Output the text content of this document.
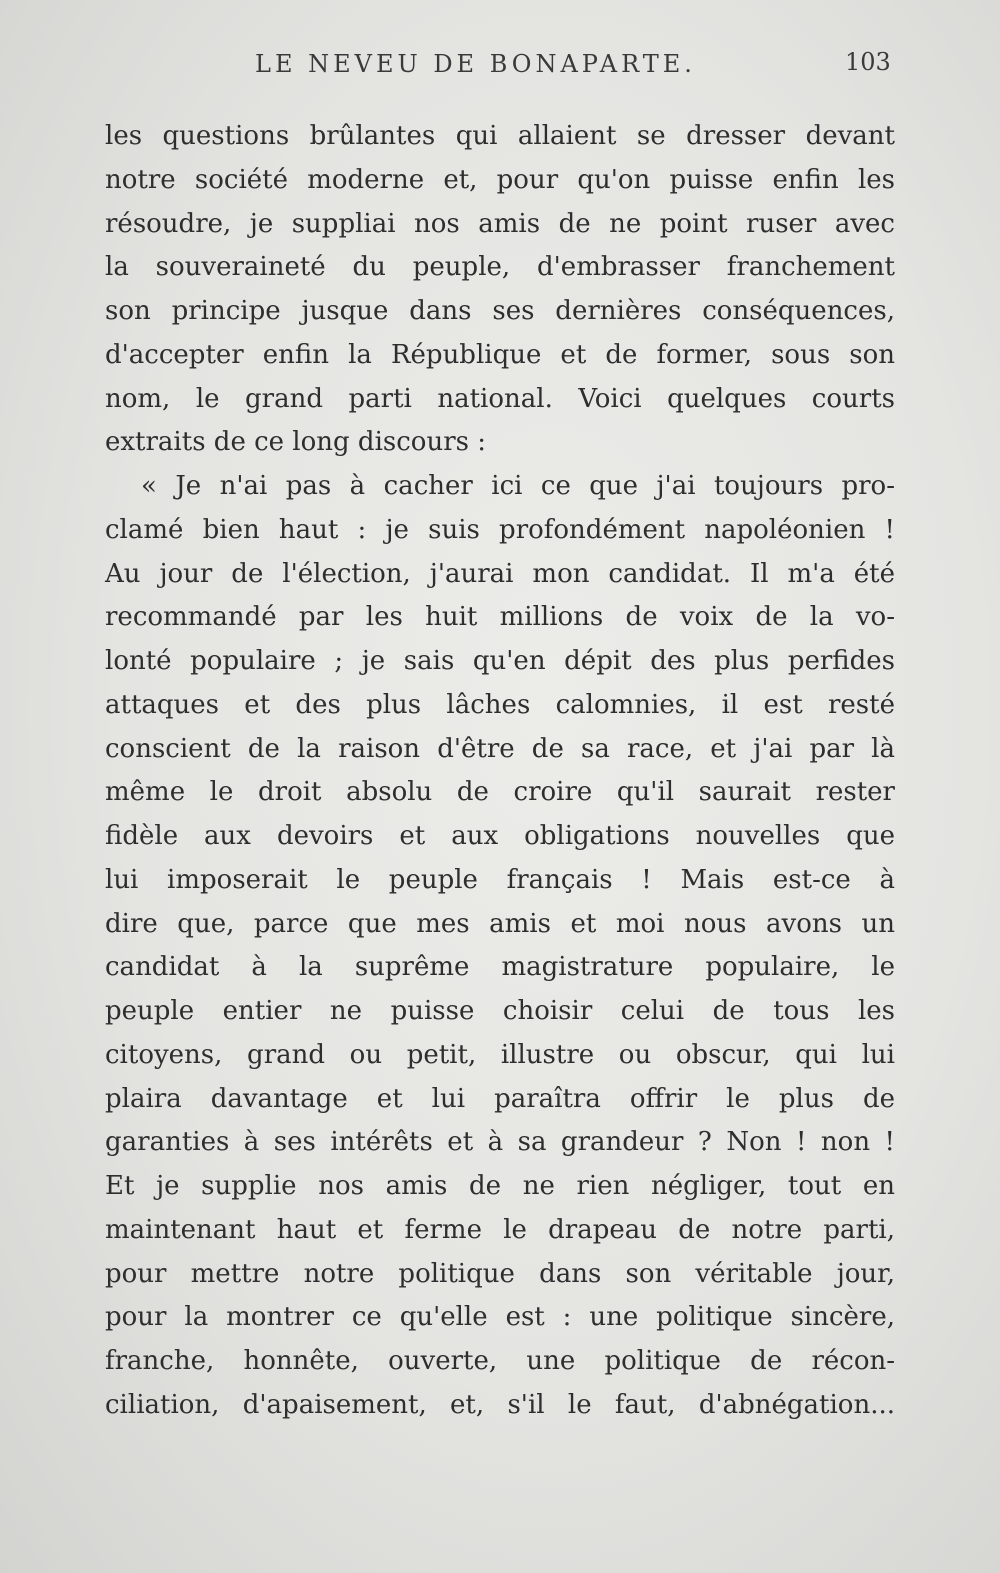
LE NEVEU DE BONAPARTE.	103
les questions brûlantes qui allaient se dresser devant
notre société moderne et, pour qu'on puisse enfin les
résoudre, je suppliai nos amis de ne point ruser avec
la souveraineté du peuple, d'embrasser franchement
son principe jusque dans ses dernières conséquences,
d'accepter enfin la République et de former, sous son
nom, le grand parti national. Voici quelques courts
extraits de ce long discours :
« Je n'ai pas à cacher ici ce que j'ai toujours pro-
clamé bien haut : je suis profondément napoléonien !
Au jour de l'élection, j'aurai mon candidat. Il m'a été
recommandé par les huit millions de voix de la vo-
lonté populaire ; je sais qu'en dépit des plus perfides
attaques et des plus lâches calomnies, il est resté
conscient de la raison d'être de sa race, et j'ai par là
même le droit absolu de croire qu'il saurait rester
fidèle aux devoirs et aux obligations nouvelles que
lui imposerait le peuple français ! Mais est-ce à
dire que, parce que mes amis et moi nous avons un
candidat à la suprême magistrature populaire, le
peuple entier ne puisse choisir celui de tous les
citoyens, grand ou petit, illustre ou obscur, qui lui
plaira davantage et lui paraîtra offrir le plus de
garanties à ses intérêts et à sa grandeur ? Non ! non !
Et je supplie nos amis de ne rien négliger, tout en
maintenant haut et ferme le drapeau de notre parti,
pour mettre notre politique dans son véritable jour,
pour la montrer ce qu'elle est : une politique sincère,
franche, honnête, ouverte, une politique de récon-
ciliation, d'apaisement, et, s'il le faut, d'abnégation...
